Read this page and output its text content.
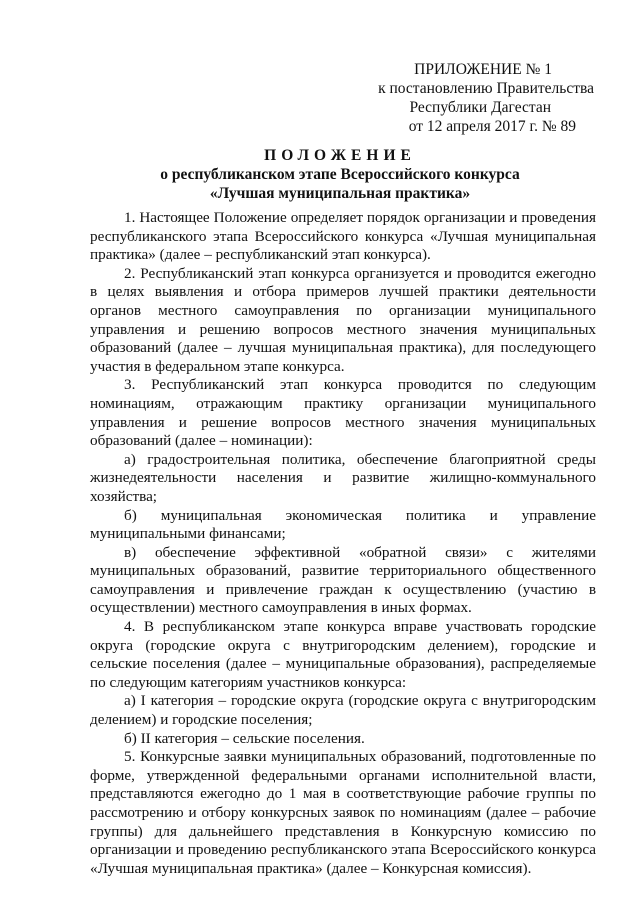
ПРИЛОЖЕНИЕ № 1
к постановлению Правительства
Республики Дагестан
от 12 апреля 2017 г. № 89
ПОЛОЖЕНИЕ
о республиканском этапе Всероссийского конкурса
«Лучшая муниципальная практика»

1. Настоящее Положение определяет порядок организации и проведения республиканского этапа Всероссийского конкурса «Лучшая муниципальная практика» (далее – республиканский этап конкурса).

2. Республиканский этап конкурса организуется и проводится ежегодно в целях выявления и отбора примеров лучшей практики деятельности органов местного самоуправления по организации муниципального управления и решению вопросов местного значения муниципальных образований (далее – лучшая муниципальная практика), для последующего участия в федеральном этапе конкурса.

3. Республиканский этап конкурса проводится по следующим номинациям, отражающим практику организации муниципального управления и решение вопросов местного значения муниципальных образований (далее – номинации):

а) градостроительная политика, обеспечение благоприятной среды жизнедеятельности населения и развитие жилищно-коммунального хозяйства;

б) муниципальная экономическая политика и управление муниципальными финансами;

в) обеспечение эффективной «обратной связи» с жителями муниципальных образований, развитие территориального общественного самоуправления и привлечение граждан к осуществлению (участию в осуществлении) местного самоуправления в иных формах.

4. В республиканском этапе конкурса вправе участвовать городские округа (городские округа с внутригородским делением), городские и сельские поселения (далее – муниципальные образования), распределяемые по следующим категориям участников конкурса:

а) I категория – городские округа (городские округа с внутригородским делением) и городские поселения;

б) II категория – сельские поселения.

5. Конкурсные заявки муниципальных образований, подготовленные по форме, утвержденной федеральными органами исполнительной власти, представляются ежегодно до 1 мая в соответствующие рабочие группы по рассмотрению и отбору конкурсных заявок по номинациям (далее – рабочие группы) для дальнейшего представления в Конкурсную комиссию по организации и проведению республиканского этапа Всероссийского конкурса «Лучшая муниципальная практика» (далее – Конкурсная комиссия).
